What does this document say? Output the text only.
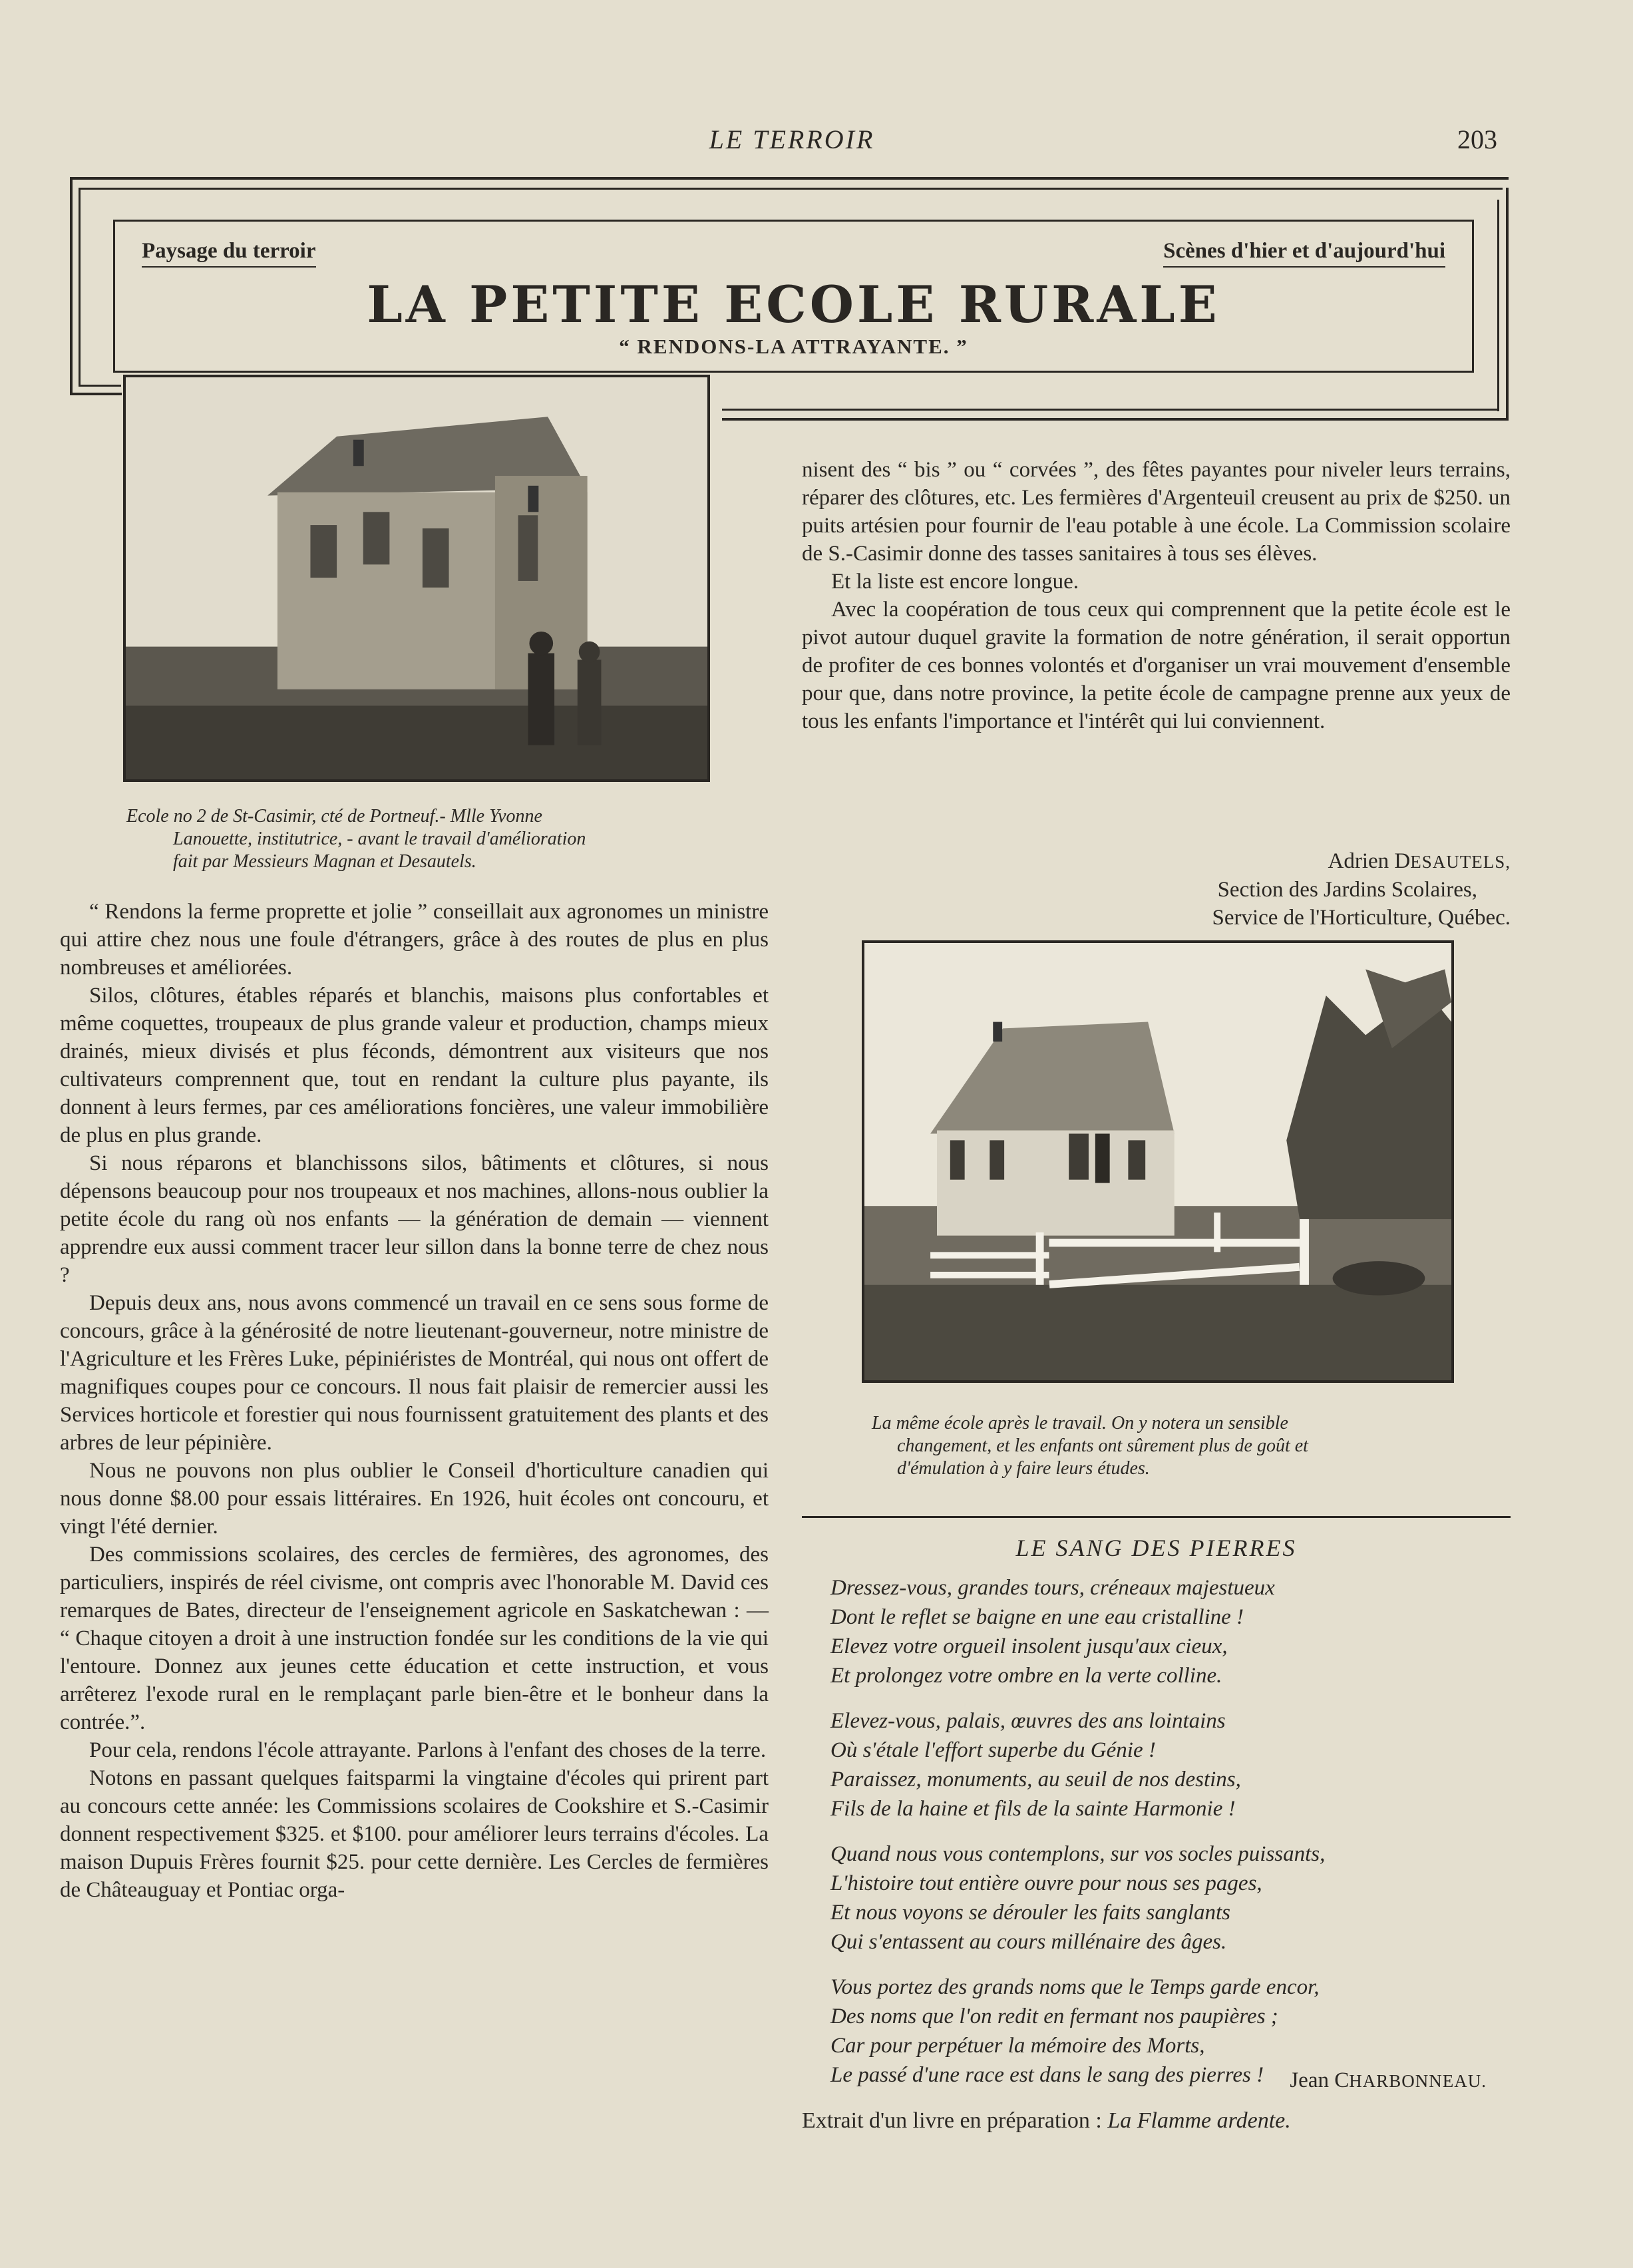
LE TERROIR	203
Paysage du terroir	Scènes d'hier et d'aujourd'hui
LA PETITE ECOLE RURALE
“ RENDONS-LA ATTRAYANTE. ”
Ecole no 2 de St-Casimir, cté de Portneuf.- Mlle Yvonne
Lanouette, institutrice, - avant le travail d'amélioration
fait par Messieurs Magnan et Desautels.

“ Rendons la ferme proprette et jolie ” conseillait aux agronomes un ministre qui attire chez nous une foule d'étrangers, grâce à des routes de plus en plus nombreuses et améliorées.

Silos, clôtures, étables réparés et blanchis, maisons plus confortables et même coquettes, troupeaux de plus grande valeur et production, champs mieux drainés, mieux divisés et plus féconds, démontrent aux visiteurs que nos cultivateurs comprennent que, tout en rendant la culture plus payante, ils donnent à leurs fermes, par ces améliorations foncières, une valeur immobilière de plus en plus grande.

Si nous réparons et blanchissons silos, bâtiments et clôtures, si nous dépensons beaucoup pour nos troupeaux et nos machines, allons-nous oublier la petite école du rang où nos enfants — la génération de demain — viennent apprendre eux aussi comment tracer leur sillon dans la bonne terre de chez nous ?

Depuis deux ans, nous avons commencé un travail en ce sens sous forme de concours, grâce à la générosité de notre lieutenant-gouverneur, notre ministre de l'Agriculture et les Frères Luke, pépiniéristes de Montréal, qui nous ont offert de magnifiques coupes pour ce concours. Il nous fait plaisir de remercier aussi les Services horticole et forestier qui nous fournissent gratuitement des plants et des arbres de leur pépinière.

Nous ne pouvons non plus oublier le Conseil d'horticulture canadien qui nous donne $8.00 pour essais littéraires. En 1926, huit écoles ont concouru, et vingt l'été dernier.

Des commissions scolaires, des cercles de fermières, des agronomes, des particuliers, inspirés de réel civisme, ont compris avec l'honorable M. David ces remarques de Bates, directeur de l'enseignement agricole en Saskatchewan : — “ Chaque citoyen a droit à une instruction fondée sur les conditions de la vie qui l'entoure. Donnez aux jeunes cette éducation et cette instruction, et vous arrêterez l'exode rural en le remplaçant parle bien-être et le bonheur dans la contrée.”.

Pour cela, rendons l'école attrayante. Parlons à l'enfant des choses de la terre.

Notons en passant quelques faitsparmi la vingtaine d'écoles qui prirent part au concours cette année: les Commissions scolaires de Cookshire et S.-Casimir donnent respectivement $325. et $100. pour améliorer leurs terrains d'écoles. La maison Dupuis Frères fournit $25. pour cette dernière. Les Cercles de fermières de Châteauguay et Pontiac orga-

nisent des “ bis ” ou “ corvées ”, des fêtes payantes pour niveler leurs terrains, réparer des clôtures, etc. Les fermières d'Argenteuil creusent au prix de $250. un puits artésien pour fournir de l'eau potable à une école. La Commission scolaire de S.-Casimir donne des tasses sanitaires à tous ses élèves.

Et la liste est encore longue.

Avec la coopération de tous ceux qui comprennent que la petite école est le pivot autour duquel gravite la formation de notre génération, il serait opportun de profiter de ces bonnes volontés et d'organiser un vrai mouvement d'ensemble pour que, dans notre province, la petite école de campagne prenne aux yeux de tous les enfants l'importance et l'intérêt qui lui conviennent.

Adrien DESAUTELS,
Section des Jardins Scolaires,
Service de l'Horticulture, Québec.
La même école après le travail. On y notera un sensible
changement, et les enfants ont sûrement plus de goût et
d'émulation à y faire leurs études.
LE SANG DES PIERRES
Dressez-vous, grandes tours, créneaux majestueux
Dont le reflet se baigne en une eau cristalline !
Elevez votre orgueil insolent jusqu'aux cieux,
Et prolongez votre ombre en la verte colline.
Elevez-vous, palais, œuvres des ans lointains
Où s'étale l'effort superbe du Génie !
Paraissez, monuments, au seuil de nos destins,
Fils de la haine et fils de la sainte Harmonie !
Quand nous vous contemplons, sur vos socles puissants,
L'histoire tout entière ouvre pour nous ses pages,
Et nous voyons se dérouler les faits sanglants
Qui s'entassent au cours millénaire des âges.
Vous portez des grands noms que le Temps garde encor,
Des noms que l'on redit en fermant nos paupières ;
Car pour perpétuer la mémoire des Morts,
Le passé d'une race est dans le sang des pierres !	Jean CHARBONNEAU.
Extrait d'un livre en préparation : La Flamme ardente.
